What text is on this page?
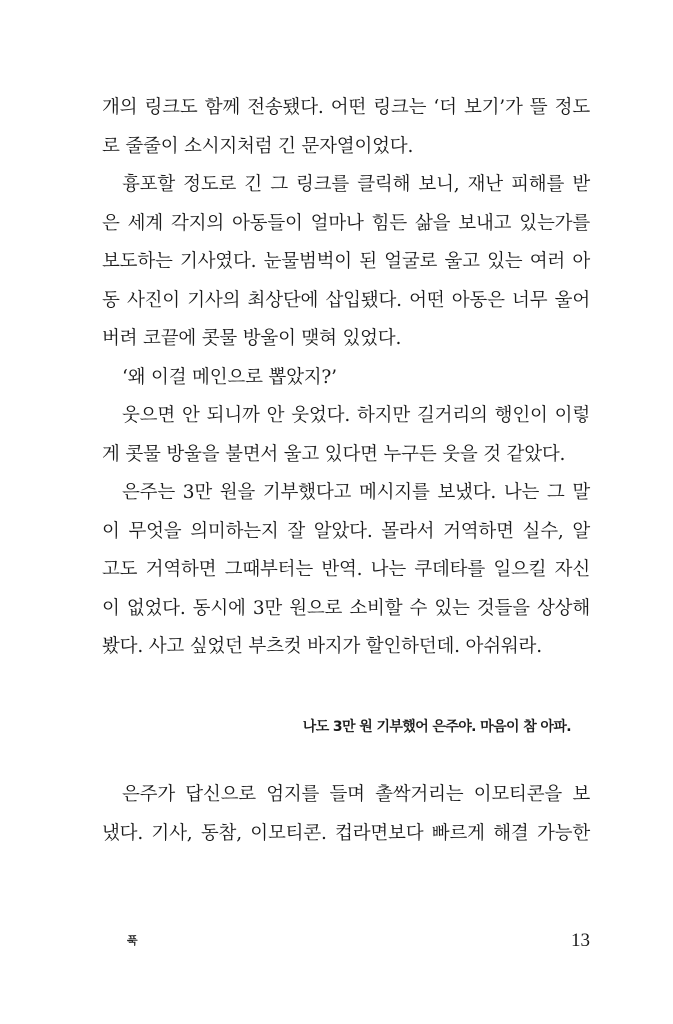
개의 링크도 함께 전송됐다. 어떤 링크는 ‘더 보기’가 뜰 정도
로 줄줄이 소시지처럼 긴 문자열이었다.
흉포할 정도로 긴 그 링크를 클릭해 보니, 재난 피해를 받
은 세계 각지의 아동들이 얼마나 힘든 삶을 보내고 있는가를
보도하는 기사였다. 눈물범벅이 된 얼굴로 울고 있는 여러 아
동 사진이 기사의 최상단에 삽입됐다. 어떤 아동은 너무 울어
버려 코끝에 콧물 방울이 맺혀 있었다.
‘왜 이걸 메인으로 뽑았지?’
웃으면 안 되니까 안 웃었다. 하지만 길거리의 행인이 이렇
게 콧물 방울을 불면서 울고 있다면 누구든 웃을 것 같았다.
은주는 3만 원을 기부했다고 메시지를 보냈다. 나는 그 말
이 무엇을 의미하는지 잘 알았다. 몰라서 거역하면 실수, 알
고도 거역하면 그때부터는 반역. 나는 쿠데타를 일으킬 자신
이 없었다. 동시에 3만 원으로 소비할 수 있는 것들을 상상해
봤다. 사고 싶었던 부츠컷 바지가 할인하던데. 아쉬워라.
나도 3만 원 기부했어 은주야. 마음이 참 아파.
은주가 답신으로 엄지를 들며 촐싹거리는 이모티콘을 보
냈다. 기사, 동참, 이모티콘. 컵라면보다 빠르게 해결 가능한
푹	13
